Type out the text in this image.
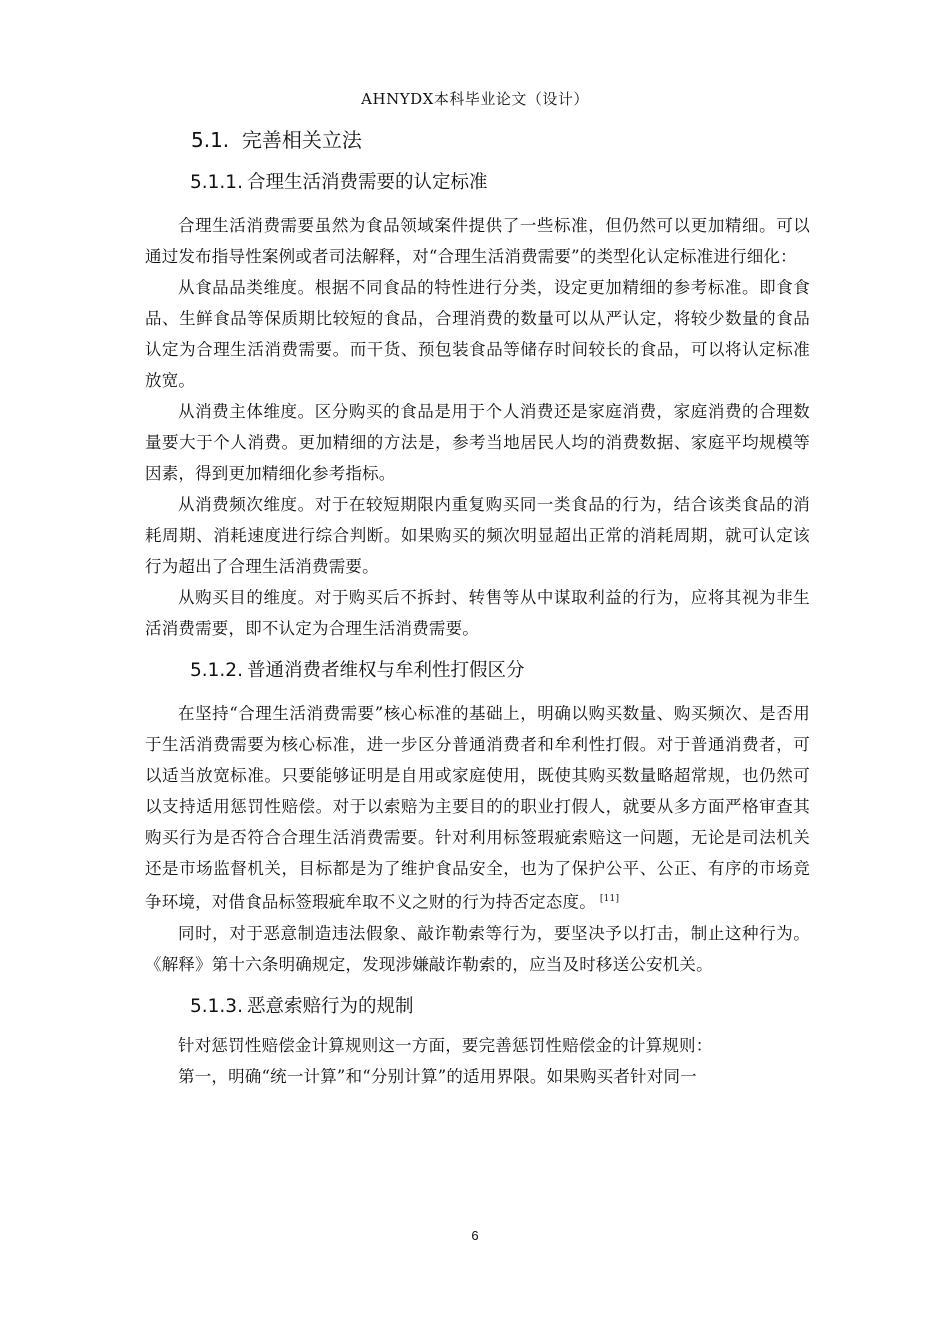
AHNYDX本科毕业论文（设计）
5.1. 完善相关立法
5.1.1. 合理生活消费需要的认定标准

合理生活消费需要虽然为食品领域案件提供了一些标准，但仍然可以更加精细。可以通过发布指导性案例或者司法解释，对“合理生活消费需要”的类型化认定标准进行细化：

从食品品类维度。根据不同食品的特性进行分类，设定更加精细的参考标准。即食食品、生鲜食品等保质期比较短的食品，合理消费的数量可以从严认定，将较少数量的食品认定为合理生活消费需要。而干货、预包装食品等储存时间较长的食品，可以将认定标准放宽。

从消费主体维度。区分购买的食品是用于个人消费还是家庭消费，家庭消费的合理数量要大于个人消费。更加精细的方法是，参考当地居民人均的消费数据、家庭平均规模等因素，得到更加精细化参考指标。

从消费频次维度。对于在较短期限内重复购买同一类食品的行为，结合该类食品的消耗周期、消耗速度进行综合判断。如果购买的频次明显超出正常的消耗周期，就可认定该行为超出了合理生活消费需要。

从购买目的维度。对于购买后不拆封、转售等从中谋取利益的行为，应将其视为非生活消费需要，即不认定为合理生活消费需要。

5.1.2. 普通消费者维权与牟利性打假区分

在坚持“合理生活消费需要”核心标准的基础上，明确以购买数量、购买频次、是否用于生活消费需要为核心标准，进一步区分普通消费者和牟利性打假。对于普通消费者，可以适当放宽标准。只要能够证明是自用或家庭使用，既使其购买数量略超常规，也仍然可以支持适用惩罚性赔偿。对于以索赔为主要目的的职业打假人，就要从多方面严格审查其购买行为是否符合合理生活消费需要。针对利用标签瑕疵索赔这一问题，无论是司法机关还是市场监督机关，目标都是为了维护食品安全，也为了保护公平、公正、有序的市场竞争环境，对借食品标签瑕疵牟取不义之财的行为持否定态度。 [11]

同时，对于恶意制造违法假象、敲诈勒索等行为，要坚决予以打击，制止这种行为。《解释》第十六条明确规定，发现涉嫌敲诈勒索的，应当及时移送公安机关。

5.1.3. 恶意索赔行为的规制

针对惩罚性赔偿金计算规则这一方面，要完善惩罚性赔偿金的计算规则：

第一，明确“统一计算”和“分别计算”的适用界限。如果购买者针对同一

6
